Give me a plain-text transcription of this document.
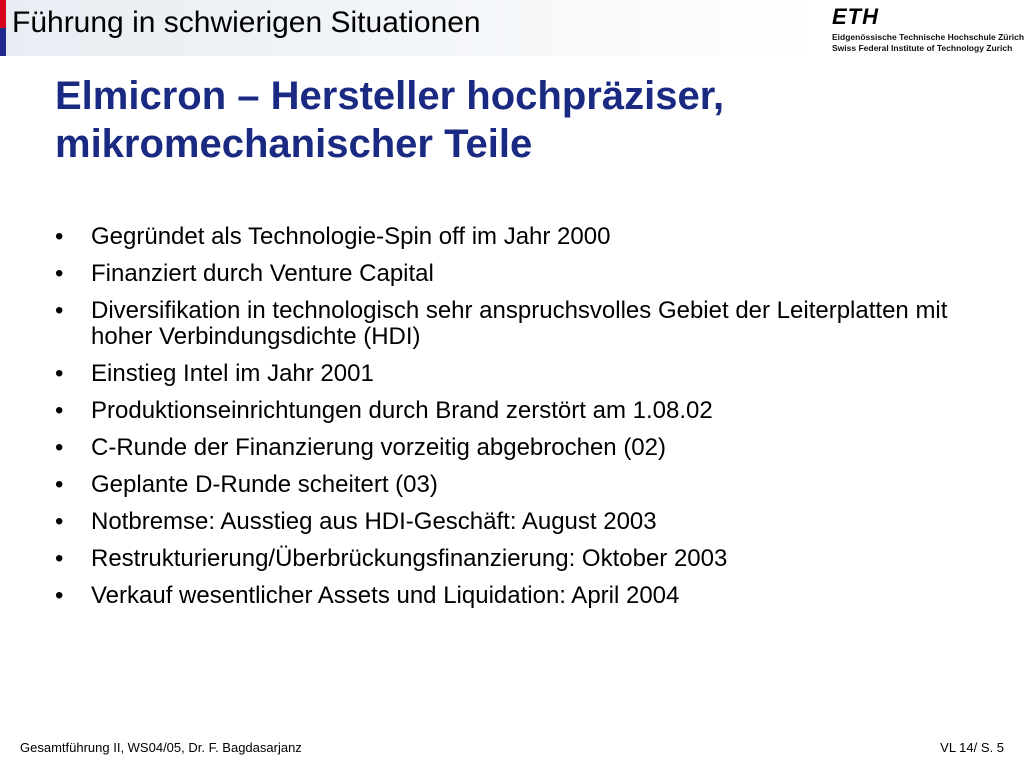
Führung in schwierigen Situationen	ETH
Eidgenössische Technische Hochschule Zürich
Swiss Federal Institute of Technology Zurich
Elmicron – Hersteller hochpräziser,
mikromechanischer Teile
• Gegründet als Technologie-Spin off im Jahr 2000
• Finanziert durch Venture Capital
• Diversifikation in technologisch sehr anspruchsvolles Gebiet der Leiterplatten mit hoher Verbindungsdichte (HDI)
• Einstieg Intel im Jahr 2001
• Produktionseinrichtungen durch Brand zerstört am 1.08.02
• C-Runde der Finanzierung vorzeitig abgebrochen (02)
• Geplante D-Runde scheitert (03)
• Notbremse: Ausstieg aus HDI-Geschäft: August 2003
• Restrukturierung/Überbrückungsfinanzierung: Oktober 2003
• Verkauf wesentlicher Assets und Liquidation: April 2004
Gesamtführung II, WS04/05, Dr. F. Bagdasarjanz	VL 14/ S. 5
